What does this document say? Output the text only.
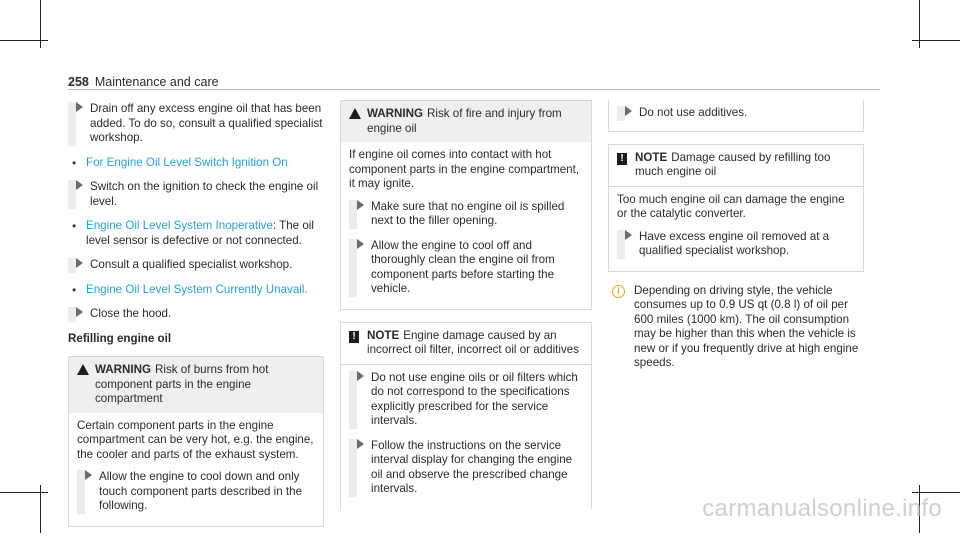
258 Maintenance and care
Drain off any excess engine oil that has been added. To do so, consult a qualified specialist workshop.
• For Engine Oil Level Switch Ignition On
Switch on the ignition to check the engine oil level.
• Engine Oil Level System Inoperative: The oil level sensor is defective or not connected.
Consult a qualified specialist workshop.
• Engine Oil Level System Currently Unavail.
Close the hood.
Refilling engine oil
WARNING Risk of burns from hot component parts in the engine compartment
Certain component parts in the engine compartment can be very hot, e.g. the engine, the cooler and parts of the exhaust system.
Allow the engine to cool down and only touch component parts described in the following.
WARNING Risk of fire and injury from engine oil
If engine oil comes into contact with hot component parts in the engine compartment, it may ignite.
Make sure that no engine oil is spilled next to the filler opening.
Allow the engine to cool off and thoroughly clean the engine oil from component parts before starting the vehicle.
! NOTE Engine damage caused by an incorrect oil filter, incorrect oil or additives
Do not use engine oils or oil filters which do not correspond to the specifications explicitly prescribed for the service intervals.
Follow the instructions on the service interval display for changing the engine oil and observe the prescribed change intervals.
Do not use additives.
! NOTE Damage caused by refilling too much engine oil
Too much engine oil can damage the engine or the catalytic converter.
Have excess engine oil removed at a qualified specialist workshop.
i	Depending on driving style, the vehicle consumes up to 0.9 US qt (0.8 l) of oil per 600 miles (1000 km). The oil consumption may be higher than this when the vehicle is new or if you frequently drive at high engine speeds.
carmanualsonline.info
